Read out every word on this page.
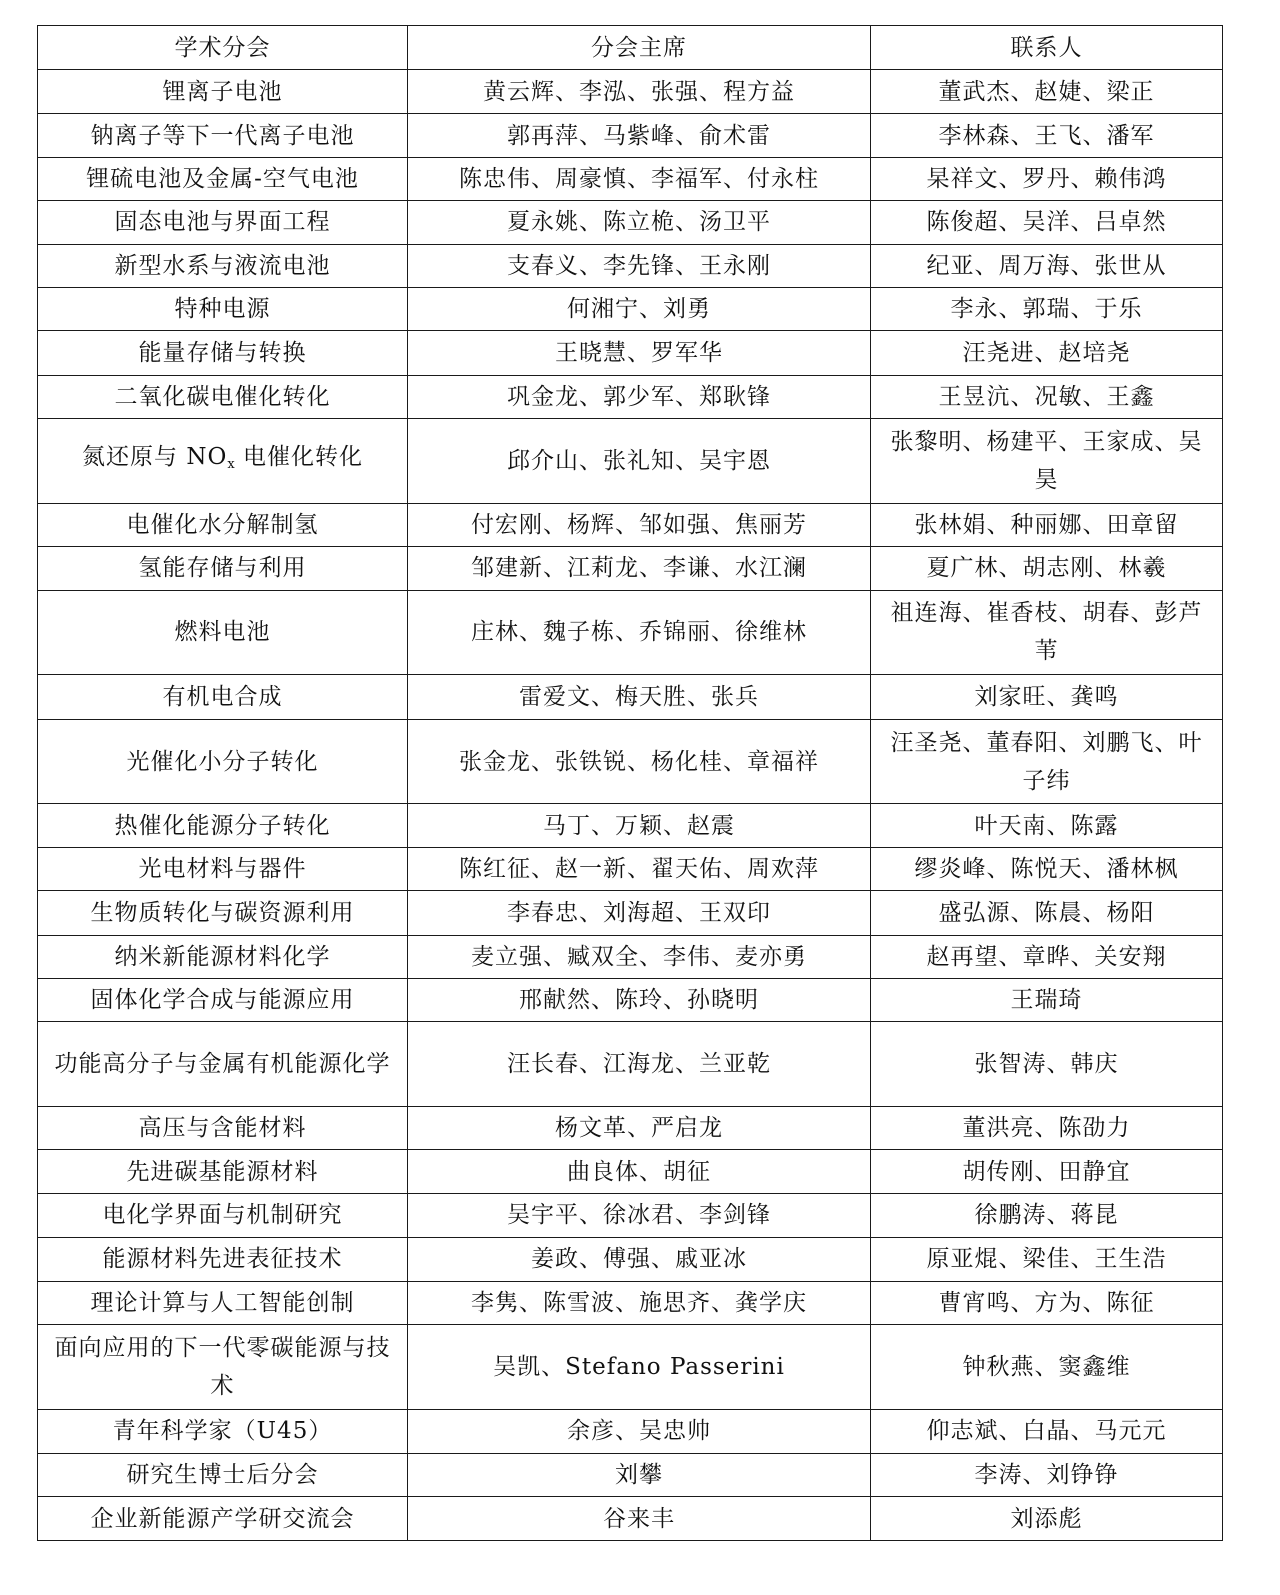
学术分会	分会主席	联系人
锂离子电池	黄云辉、李泓、张强、程方益	董武杰、赵婕、梁正
钠离子等下一代离子电池	郭再萍、马紫峰、俞术雷	李林森、王飞、潘军
锂硫电池及金属-空气电池	陈忠伟、周豪慎、李福军、付永柱	杲祥文、罗丹、赖伟鸿
固态电池与界面工程	夏永姚、陈立桅、汤卫平	陈俊超、吴洋、吕卓然
新型水系与液流电池	支春义、李先锋、王永刚	纪亚、周万海、张世从
特种电源	何湘宁、刘勇	李永、郭瑞、于乐
能量存储与转换	王晓慧、罗军华	汪尧进、赵培尧
二氧化碳电催化转化	巩金龙、郭少军、郑耿锋	王昱沆、况敏、王鑫
氮还原与 $NO_x$ 电催化转化	邱介山、张礼知、吴宇恩	张黎明、杨建平、王家成、吴昊
电催化水分解制氢	付宏刚、杨辉、邹如强、焦丽芳	张林娟、种丽娜、田章留
氢能存储与利用	邹建新、江莉龙、李谦、水江澜	夏广林、胡志刚、林羲
燃料电池	庄林、魏子栋、乔锦丽、徐维林	祖连海、崔香枝、胡春、彭芦苇
有机电合成	雷爱文、梅天胜、张兵	刘家旺、龚鸣
光催化小分子转化	张金龙、张铁锐、杨化桂、章福祥	汪圣尧、董春阳、刘鹏飞、叶子纬
热催化能源分子转化	马丁、万颖、赵震	叶天南、陈露
光电材料与器件	陈红征、赵一新、翟天佑、周欢萍	缪炎峰、陈悦天、潘林枫
生物质转化与碳资源利用	李春忠、刘海超、王双印	盛弘源、陈晨、杨阳
纳米新能源材料化学	麦立强、臧双全、李伟、麦亦勇	赵再望、章晔、关安翔
固体化学合成与能源应用	邢献然、陈玲、孙晓明	王瑞琦
功能高分子与金属有机能源化学	汪长春、江海龙、兰亚乾	张智涛、韩庆
高压与含能材料	杨文革、严启龙	董洪亮、陈劭力
先进碳基能源材料	曲良体、胡征	胡传刚、田静宜
电化学界面与机制研究	吴宇平、徐冰君、李剑锋	徐鹏涛、蒋昆
能源材料先进表征技术	姜政、傅强、戚亚冰	原亚焜、梁佳、王生浩
理论计算与人工智能创制	李隽、陈雪波、施思齐、龚学庆	曹宵鸣、方为、陈征
面向应用的下一代零碳能源与技术	吴凯、Stefano Passerini	钟秋燕、窦鑫维
青年科学家（U45）	余彦、吴忠帅	仰志斌、白晶、马元元
研究生博士后分会	刘攀	李涛、刘铮铮
企业新能源产学研交流会	谷来丰	刘添彪
